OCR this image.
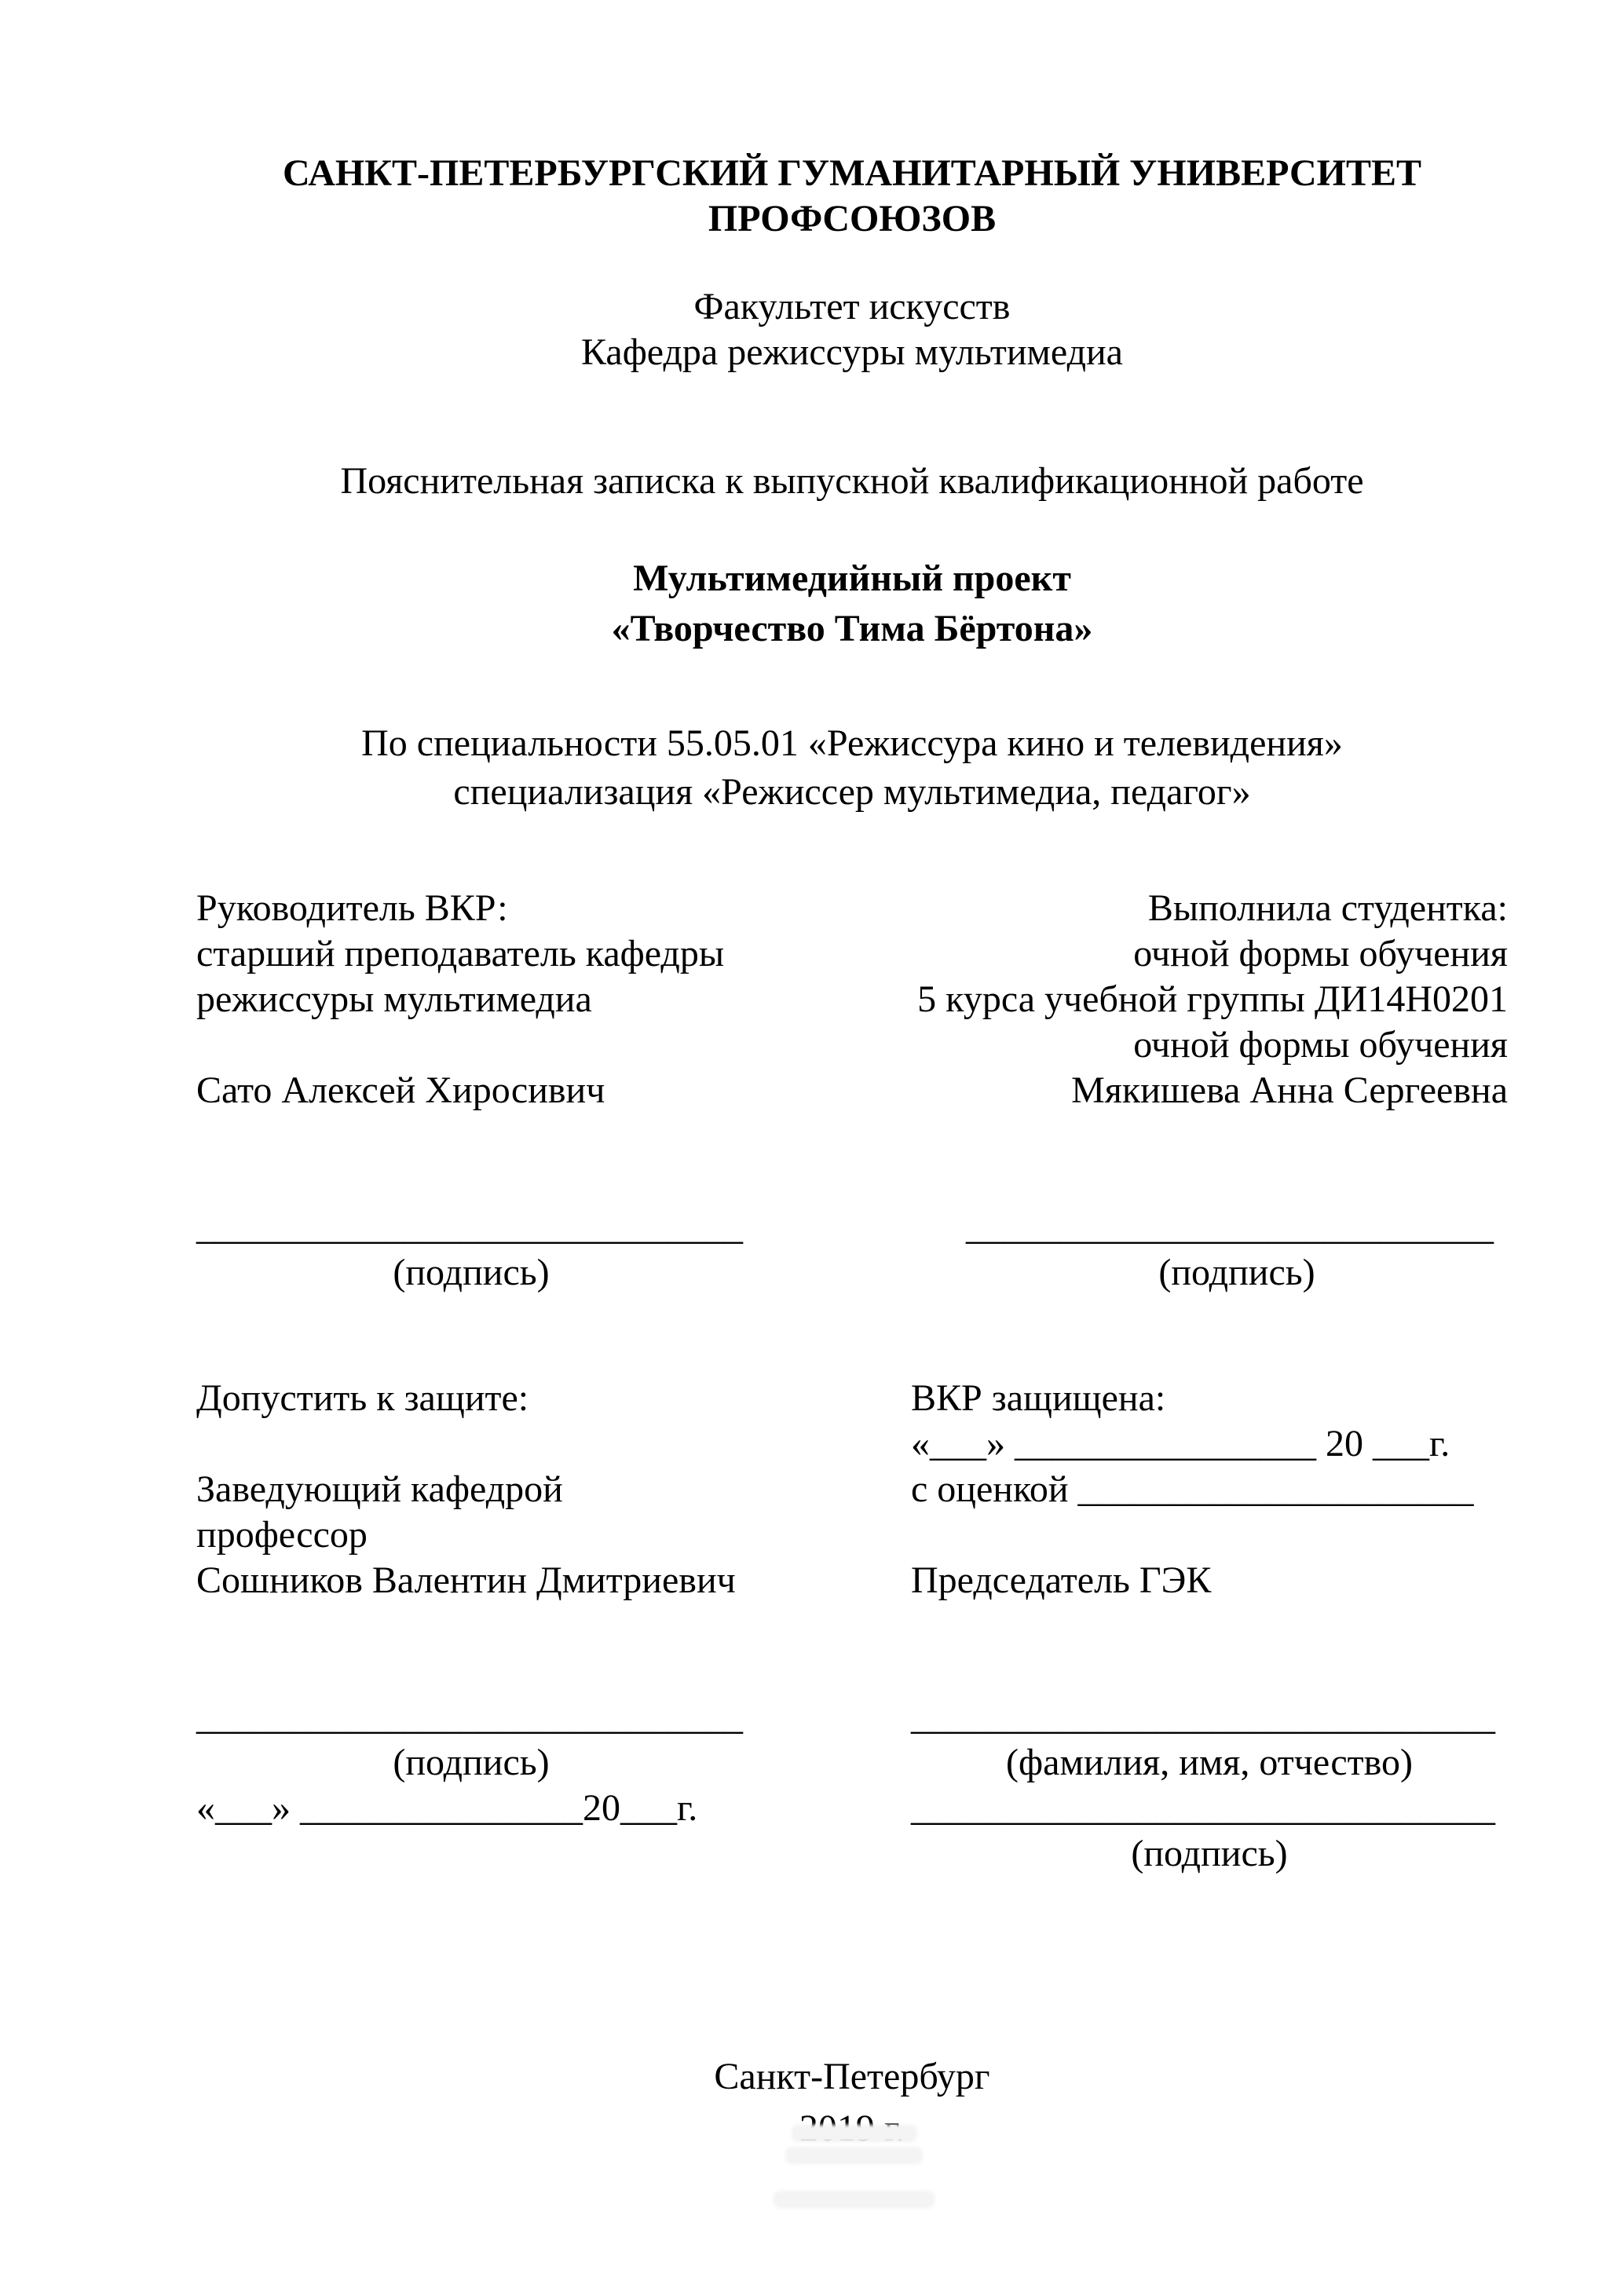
САНКТ-ПЕТЕРБУРГСКИЙ ГУМАНИТАРНЫЙ УНИВЕРСИТЕТ
ПРОФСОЮЗОВ
Факультет искусств
Кафедра режиссуры мультимедиа
Пояснительная записка к выпускной квалификационной работе
Мультимедийный проект
«Творчество Тима Бёртона»
По специальности 55.05.01 «Режиссура кино и телевидения»
специализация «Режиссер мультимедиа, педагог»
Руководитель ВКР:
старший преподаватель кафедры
режиссуры мультимедиа
Сато Алексей Хиросивич
Выполнила студентка:
очной формы обучения
5 курса учебной группы ДИ14Н0201
очной формы обучения
Мякишева Анна Сергеевна
_____________________________
(подпись)
____________________________
(подпись)
Допустить к защите:
Заведующий кафедрой
профессор
Сошников Валентин Дмитриевич
ВКР защищена:
«___» ________________ 20 ___г.
с оценкой _____________________
Председатель ГЭК
_____________________________
(подпись)
«___» _______________20___г.
_______________________________
(фамилия, имя, отчество)
_______________________________
(подпись)
Санкт-Петербург
